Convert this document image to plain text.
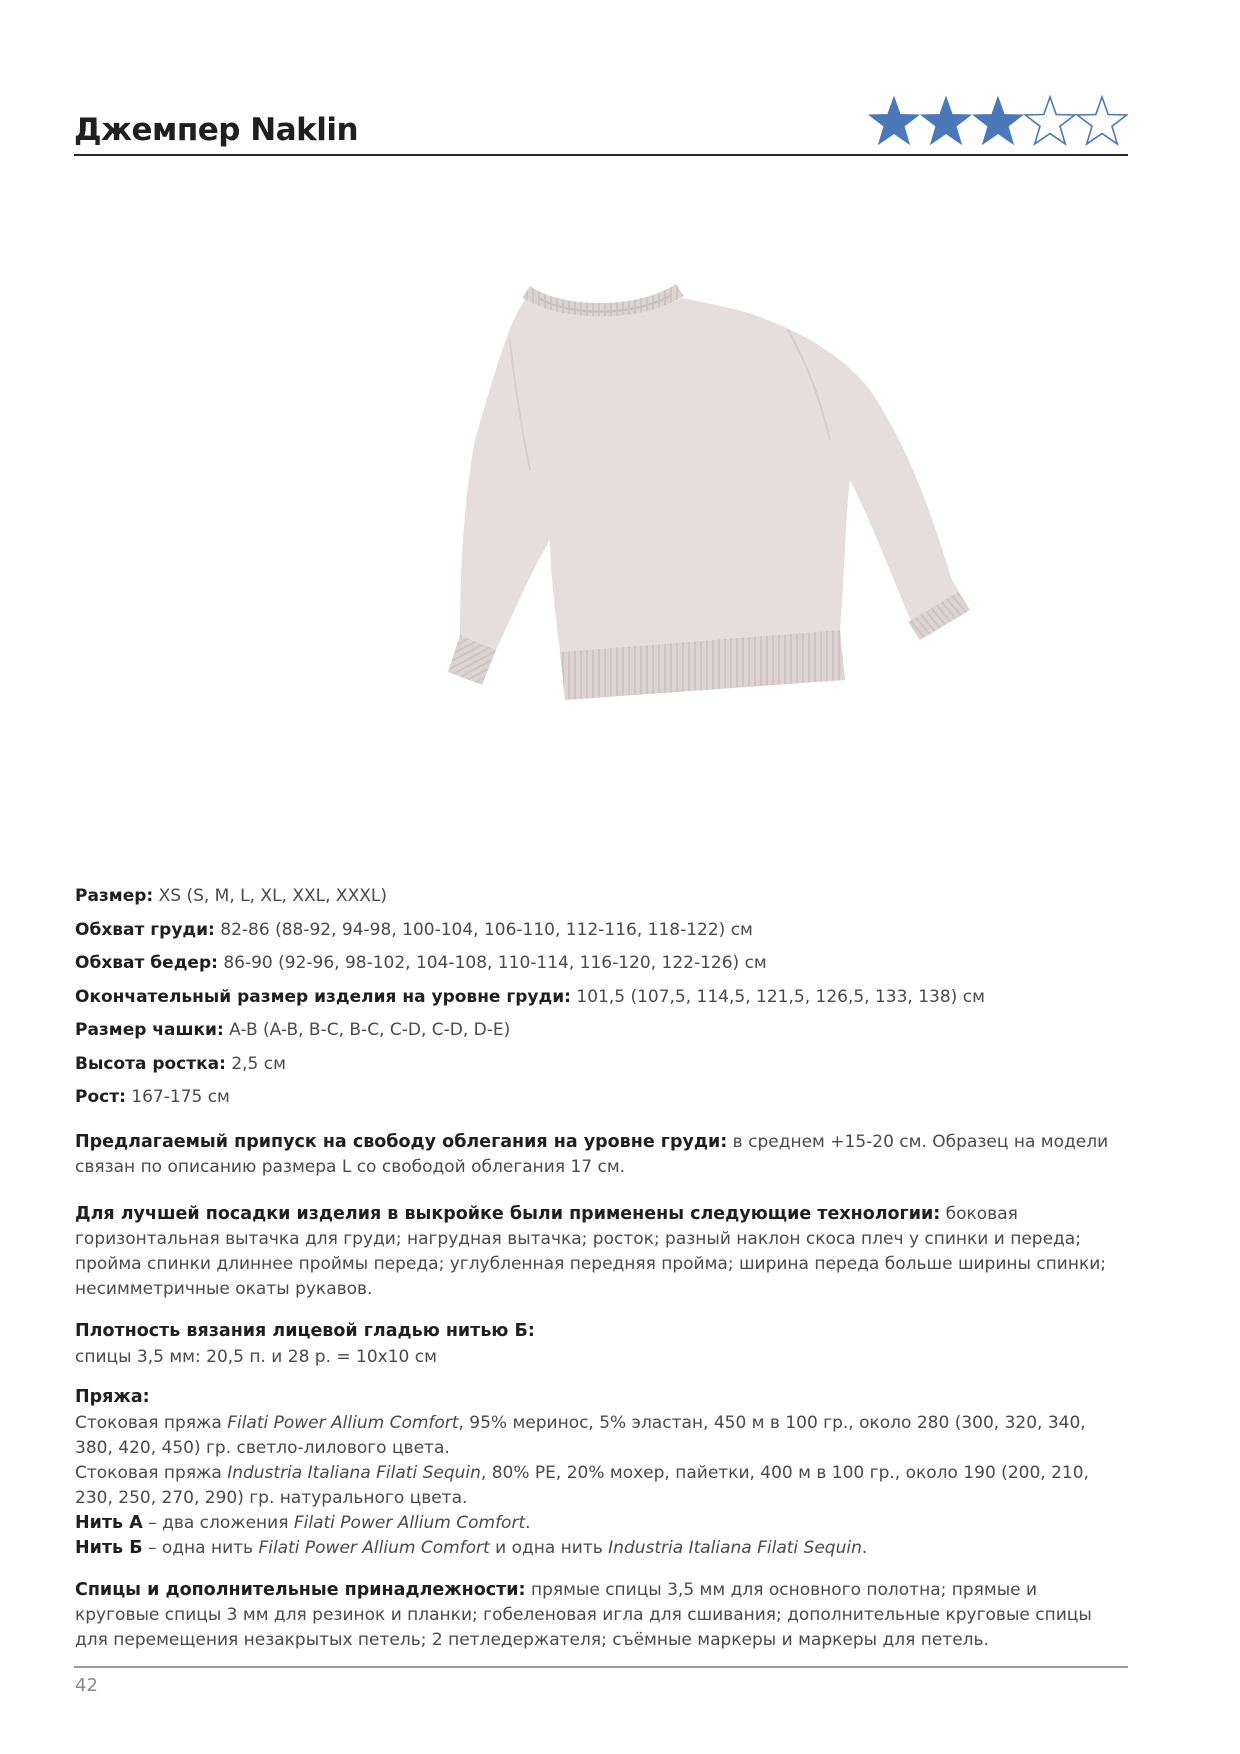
Джемпер Naklin
Размер: XS (S, M, L, XL, XXL, XXXL)
Обхват груди: 82-86 (88-92, 94-98, 100-104, 106-110, 112-116, 118-122) см
Обхват бедер: 86-90 (92-96, 98-102, 104-108, 110-114, 116-120, 122-126) см
Окончательный размер изделия на уровне груди: 101,5 (107,5, 114,5, 121,5, 126,5, 133, 138) см
Размер чашки: A-B (A-B, B-C, B-C, C-D, C-D, D-E)
Высота ростка: 2,5 см
Рост: 167-175 см
Предлагаемый припуск на свободу облегания на уровне груди: в среднем +15-20 см. Образец на модели связан по описанию размера L со свободой облегания 17 см.
Для лучшей посадки изделия в выкройке были применены следующие технологии: боковая горизонтальная вытачка для груди; нагрудная вытачка; росток; разный наклон скоса плеч у спинки и переда; пройма спинки длиннее проймы переда; углубленная передняя пройма; ширина переда больше ширины спинки; несимметричные окаты рукавов.
Плотность вязания лицевой гладью нитью Б:
спицы 3,5 мм: 20,5 п. и 28 р. = 10х10 см
Пряжа:
Стоковая пряжа Filati Power Allium Comfort, 95% меринос, 5% эластан, 450 м в 100 гр., около 280 (300, 320, 340, 380, 420, 450) гр. светло-лилового цвета.
Стоковая пряжа Industria Italiana Filati Sequin, 80% PE, 20% мохер, пайетки, 400 м в 100 гр., около 190 (200, 210, 230, 250, 270, 290) гр. натурального цвета.
Нить А – два сложения Filati Power Allium Comfort.
Нить Б – одна нить Filati Power Allium Comfort и одна нить Industria Italiana Filati Sequin.
Спицы и дополнительные принадлежности: прямые спицы 3,5 мм для основного полотна; прямые и круговые спицы 3 мм для резинок и планки; гобеленовая игла для сшивания; дополнительные круговые спицы для перемещения незакрытых петель; 2 петледержателя; съёмные маркеры и маркеры для петель.
42
